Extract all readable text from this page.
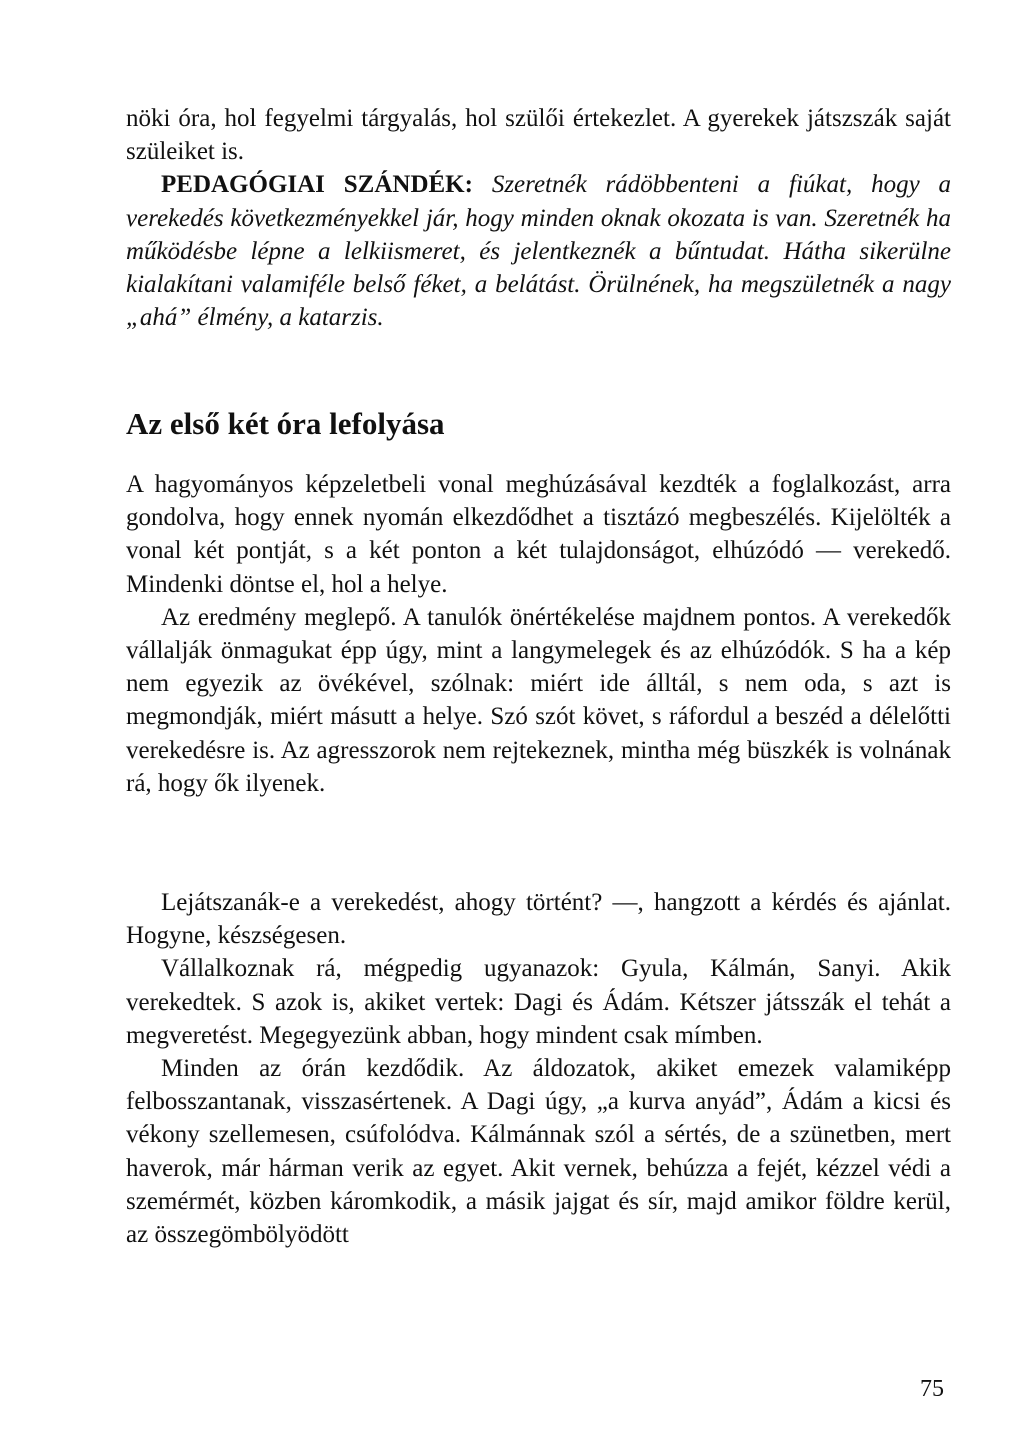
nöki óra, hol fegyelmi tárgyalás, hol szülői értekezlet. A gyerekek játszszák saját szüleiket is.

PEDAGÓGIAI SZÁNDÉK: Szeretnék rádöbbenteni a fiúkat, hogy a verekedés következményekkel jár, hogy minden oknak okozata is van. Szeretnék ha működésbe lépne a lelkiismeret, és jelentkeznék a bűntudat. Hátha sikerülne kialakítani valamiféle belső féket, a belátást. Örülnének, ha megszületnék a nagy „ahá” élmény, a katarzis.

Az első két óra lefolyása

A hagyományos képzeletbeli vonal meghúzásával kezdték a foglalkozást, arra gondolva, hogy ennek nyomán elkezdődhet a tisztázó megbeszélés. Kijelölték a vonal két pontját, s a két ponton a két tulajdonságot, elhúzódó — verekedő. Mindenki döntse el, hol a helye.

Az eredmény meglepő. A tanulók önértékelése majdnem pontos. A verekedők vállalják önmagukat épp úgy, mint a langymelegek és az elhúzódók. S ha a kép nem egyezik az övékével, szólnak: miért ide álltál, s nem oda, s azt is megmondják, miért másutt a helye. Szó szót követ, s ráfordul a beszéd a délelőtti verekedésre is. Az agresszorok nem rejtekeznek, mintha még büszkék is volnának rá, hogy ők ilyenek.

Lejátszanák-e a verekedést, ahogy történt? —, hangzott a kérdés és ajánlat. Hogyne, készségesen.

Vállalkoznak rá, mégpedig ugyanazok: Gyula, Kálmán, Sanyi. Akik verekedtek. S azok is, akiket vertek: Dagi és Ádám. Kétszer játsszák el tehát a megveretést. Megegyezünk abban, hogy mindent csak mímben.

Minden az órán kezdődik. Az áldozatok, akiket emezek valamiképp felbosszantanak, visszasértenek. A Dagi úgy, „a kurva anyád”, Ádám a kicsi és vékony szellemesen, csúfolódva. Kálmánnak szól a sértés, de a szünetben, mert haverok, már hárman verik az egyet. Akit vernek, behúzza a fejét, kézzel védi a szemérmét, közben káromkodik, a másik jajgat és sír, majd amikor földre kerül, az összegömbölyödött

75
